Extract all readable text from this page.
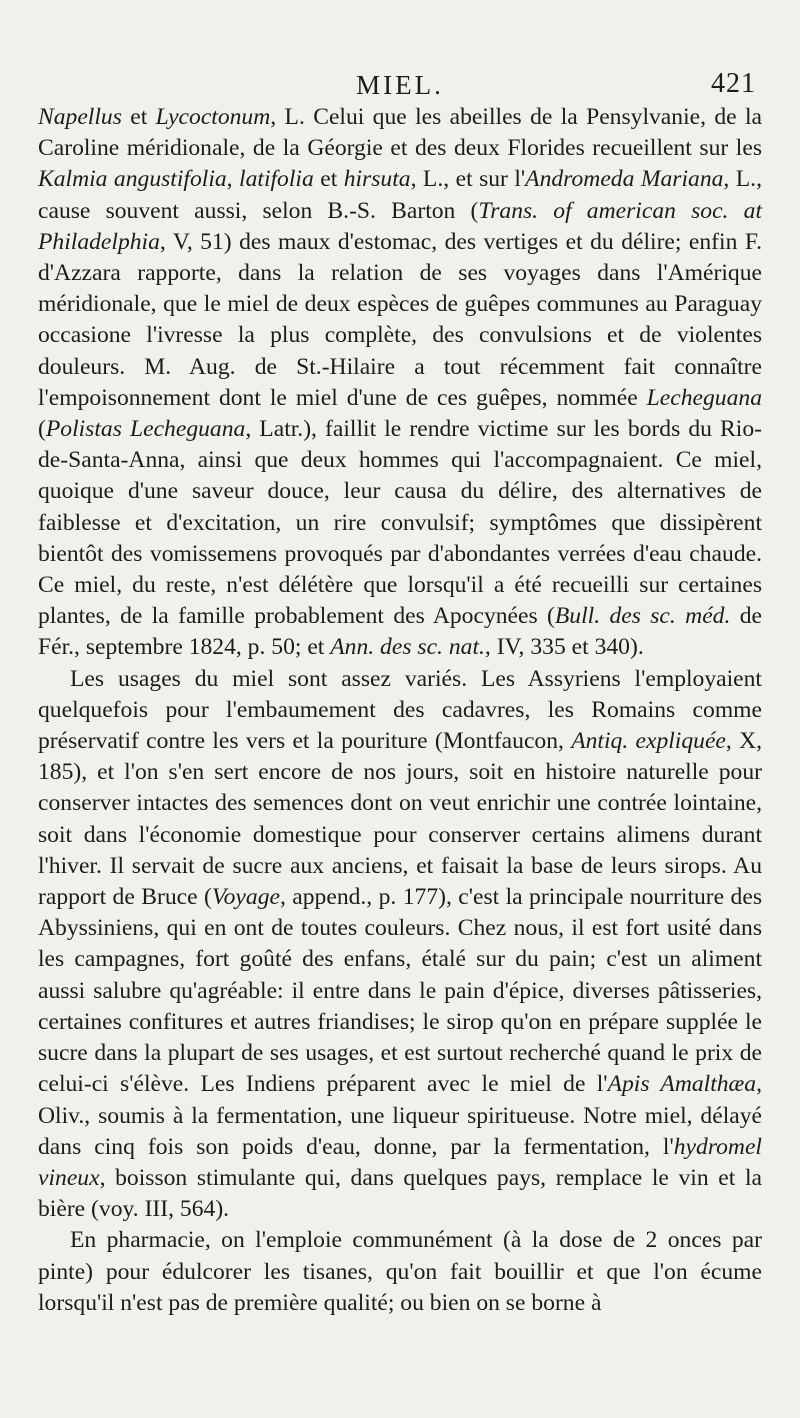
MIEL.	421

Napellus et Lycoctonum, L. Celui que les abeilles de la Pensylvanie, de la Caroline méridionale, de la Géorgie et des deux Florides recueillent sur les Kalmia angustifolia, latifolia et hirsuta, L., et sur l'Andromeda Mariana, L., cause souvent aussi, selon B.-S. Barton (Trans. of american soc. at Philadelphia, V, 51) des maux d'estomac, des vertiges et du délire; enfin F. d'Azzara rapporte, dans la relation de ses voyages dans l'Amérique méridionale, que le miel de deux espèces de guêpes communes au Paraguay occasione l'ivresse la plus complète, des convulsions et de violentes douleurs. M. Aug. de St.-Hilaire a tout récemment fait connaître l'empoisonnement dont le miel d'une de ces guêpes, nommée Lecheguana (Polistas Lecheguana, Latr.), faillit le rendre victime sur les bords du Rio-de-Santa-Anna, ainsi que deux hommes qui l'accompagnaient. Ce miel, quoique d'une saveur douce, leur causa du délire, des alternatives de faiblesse et d'excitation, un rire convulsif; symptômes que dissipèrent bientôt des vomissemens provoqués par d'abondantes verrées d'eau chaude. Ce miel, du reste, n'est délétère que lorsqu'il a été recueilli sur certaines plantes, de la famille probablement des Apocynées (Bull. des sc. méd. de Fér., septembre 1824, p. 50; et Ann. des sc. nat., IV, 335 et 340).

Les usages du miel sont assez variés. Les Assyriens l'employaient quelquefois pour l'embaumement des cadavres, les Romains comme préservatif contre les vers et la pouriture (Montfaucon, Antiq. expliquée, X, 185), et l'on s'en sert encore de nos jours, soit en histoire naturelle pour conserver intactes des semences dont on veut enrichir une contrée lointaine, soit dans l'économie domestique pour conserver certains alimens durant l'hiver. Il servait de sucre aux anciens, et faisait la base de leurs sirops. Au rapport de Bruce (Voyage, append., p. 177), c'est la principale nourriture des Abyssiniens, qui en ont de toutes couleurs. Chez nous, il est fort usité dans les campagnes, fort goûté des enfans, étalé sur du pain; c'est un aliment aussi salubre qu'agréable: il entre dans le pain d'épice, diverses pâtisseries, certaines confitures et autres friandises; le sirop qu'on en prépare supplée le sucre dans la plupart de ses usages, et est surtout recherché quand le prix de celui-ci s'élève. Les Indiens préparent avec le miel de l'Apis Amalthæa, Oliv., soumis à la fermentation, une liqueur spiritueuse. Notre miel, délayé dans cinq fois son poids d'eau, donne, par la fermentation, l'hydromel vineux, boisson stimulante qui, dans quelques pays, remplace le vin et la bière (voy. III, 564).

En pharmacie, on l'emploie communément (à la dose de 2 onces par pinte) pour édulcorer les tisanes, qu'on fait bouillir et que l'on écume lorsqu'il n'est pas de première qualité; ou bien on se borne à
